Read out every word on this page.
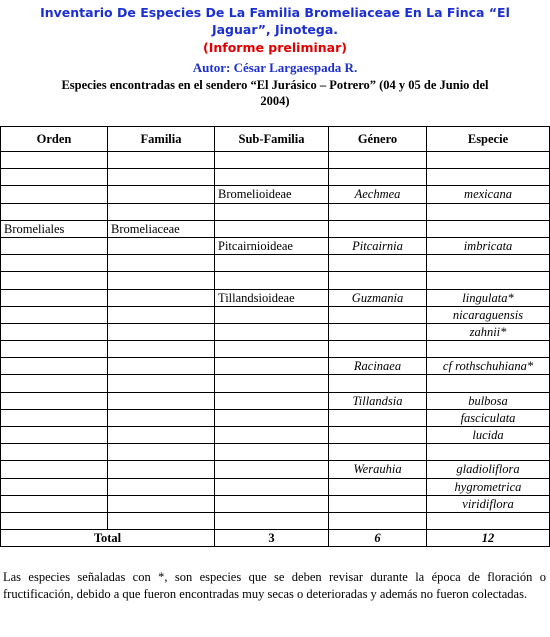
Inventario De Especies De La Familia Bromeliaceae En La Finca “El
Jaguar”, Jinotega.
(Informe preliminar)
Autor: César Largaespada R.
Especies encontradas en el sendero “El Jurásico – Potrero” (04 y 05 de Junio del
2004)
Orden	Familia	Sub-Familia	Género	Especie

		Bromelioideae	Aechmea	mexicana

Bromeliales	Bromeliaceae			
		Pitcairnioideae	Pitcairnia	imbricata

		Tillandsioideae	Guzmania	lingulata*
				nicaraguensis
				zahnii*

			Racinaea	cf rothschuhiana*

			Tillandsia	bulbosa
				fasciculata
				lucida

			Werauhia	gladioliflora
				hygrometrica
				viridiflora

Total		3	6	12

Las especies señaladas con *, son especies que se deben revisar durante la época de floración o fructificación, debido a que fueron encontradas muy secas o deterioradas y además no fueron colectadas.
